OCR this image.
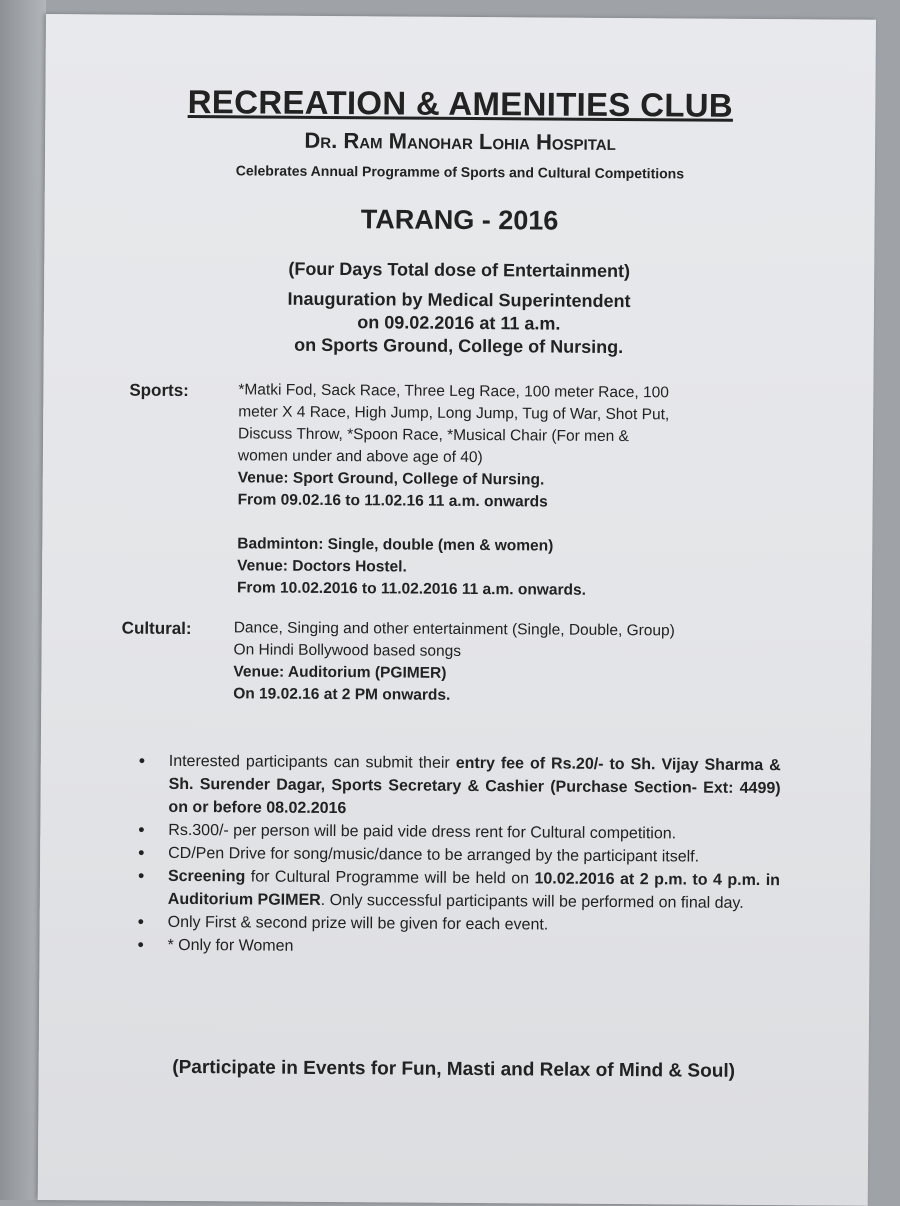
RECREATION & AMENITIES CLUB
Dr. Ram Manohar Lohia Hospital
Celebrates Annual Programme of Sports and Cultural Competitions
TARANG - 2016
(Four Days Total dose of Entertainment)
Inauguration by Medical Superintendent
on 09.02.2016 at 11 a.m.
on Sports Ground, College of Nursing.
Sports:	*Matki Fod, Sack Race, Three Leg Race, 100 meter Race, 100
meter X 4 Race, High Jump, Long Jump, Tug of War, Shot Put,
Discuss Throw, *Spoon Race, *Musical Chair (For men &
women under and above age of 40)
Venue: Sport Ground, College of Nursing.
From 09.02.16 to 11.02.16 11 a.m. onwards
Badminton: Single, double (men & women)
Venue: Doctors Hostel.
From 10.02.2016 to 11.02.2016 11 a.m. onwards.
Cultural:	Dance, Singing and other entertainment (Single, Double, Group)
On Hindi Bollywood based songs
Venue: Auditorium (PGIMER)
On 19.02.16 at 2 PM onwards.
• Interested participants can submit their entry fee of Rs.20/- to Sh. Vijay Sharma & Sh. Surender Dagar, Sports Secretary & Cashier (Purchase Section- Ext: 4499) on or before 08.02.2016
• Rs.300/- per person will be paid vide dress rent for Cultural competition.
• CD/Pen Drive for song/music/dance to be arranged by the participant itself.
• Screening for Cultural Programme will be held on 10.02.2016 at 2 p.m. to 4 p.m. in Auditorium PGIMER. Only successful participants will be performed on final day.
• Only First & second prize will be given for each event.
• * Only for Women
(Participate in Events for Fun, Masti and Relax of Mind & Soul)
